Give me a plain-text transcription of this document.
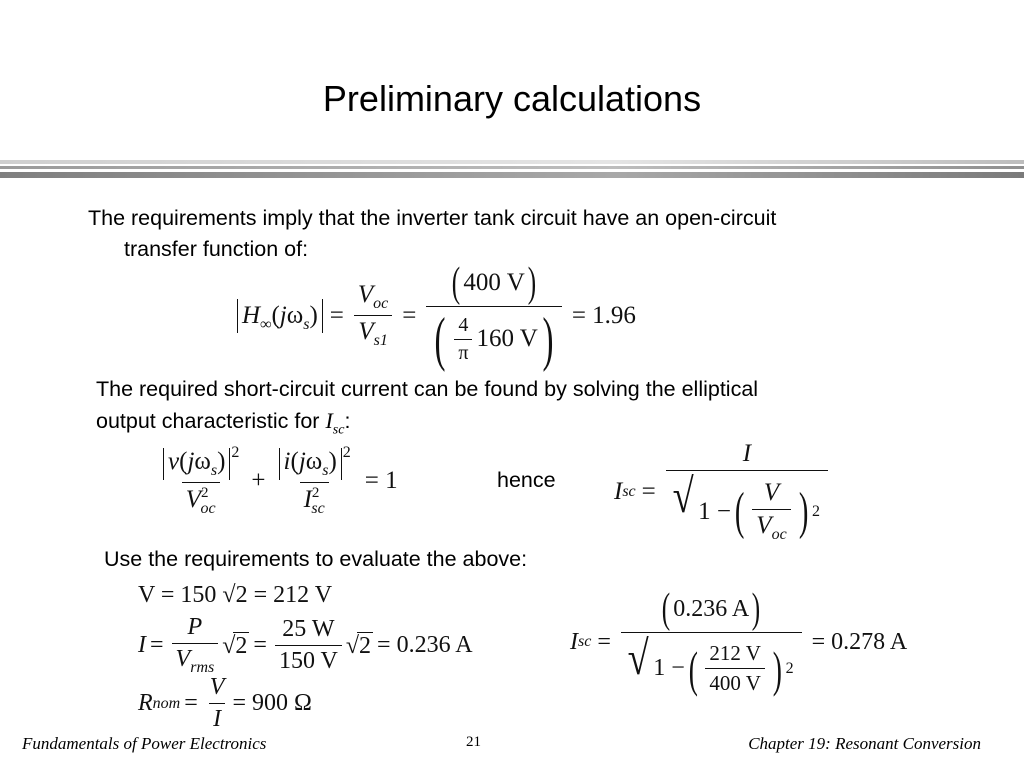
Preliminary calculations
The requirements imply that the inverter tank circuit have an open-circuit
transfer function of:
$H_\infty(j\omega_s) = \frac{V_{oc}}{V_{s1}} = \frac{( 400 V )}{( \frac{4}{\pi} 160 V )} = 1.96$
The required short-circuit current can be found by solving the elliptical
output characteristic for $I_{sc}$:
$\frac{v(j\omega_s) ^2}{V^2_{oc}} + \frac{i(j\omega_s) ^2}{I^2_{sc}} = 1$	hence I sc =
I
√ 1 − ( $\frac{V}{V_{oc}}$ ) 2
Use the requirements to evaluate the above:
V = 150 √2 = 212 V
$I = \frac{P}{V_{rms}} √2 = \frac{25 W}{150 V} √2 = 0.236$ A
R nom = $\frac{V}{I} = 900$ Ω
I sc =
( 0.236 A )
√ 1 − ( $\frac{212 V}{400 V}$ ) 2
= 0.278 A
Fundamentals of Power Electronics	21	Chapter 19: Resonant Conversion
